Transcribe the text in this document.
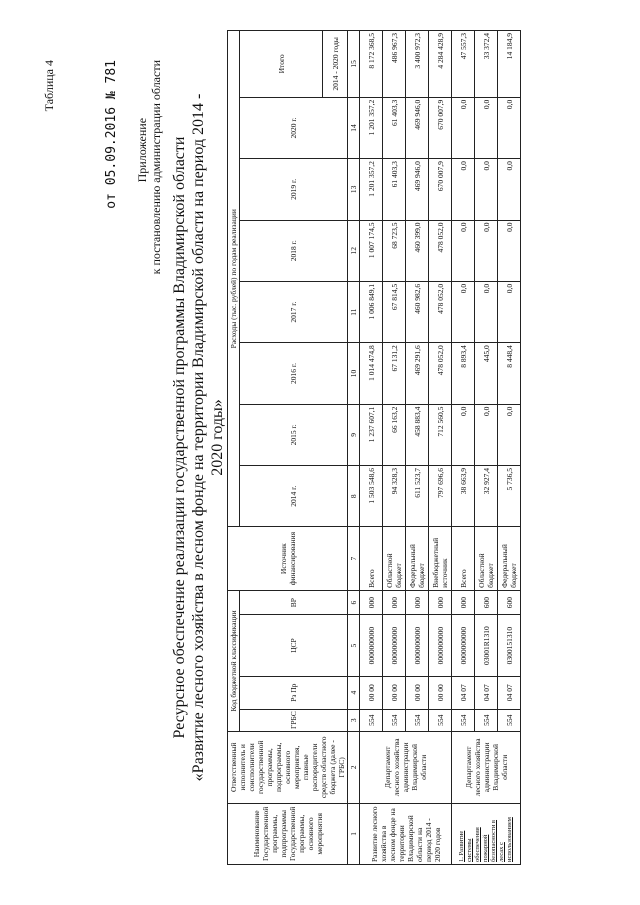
Таблица 4	от 05.09.2016 № 781 Приложение к постановлению администрации области Ресурсное обеспечение реализации государственной программы Владимирской области «Развитие лесного хозяйства в лесном фонде на территории Владимирской области на период 2014 - 2020 годы»
Наименование Государственной программы, подпрограммы Государственной программы, основного мероприятия	Ответственный исполнитель и соисполнители государственной программы, подпрограммы, основного мероприятия, главные распорядители средств областного бюджета (далее - ГРБС)	Код бюджетной классификации				Источник финансирования	Расходы (тыс. рублей) по годам реализации							
		ГРБС	Рз Пр	ЦСР	ВР		2014 г.	2015 г.	2016 г.	2017 г.	2018 г.	2019 г.	2020 г.	Итого
														2014 - 2020 годы
1	2	3	4	5	6	7	8	9	10	11	12	13	14	15
Развитие лесного хозяйства в лесном фонде на территории Владимирской области на период 2014 - 2020 годов	Департамент лесного хозяйства администрации Владимирской области	554	00 00	0000000000	000	Всего	1 503 548,6	1 237 607,1	1 014 474,8	1 006 849,1	1 007 174,5	1 201 357,2	1 201 357,2	8 172 368,5
		554	00 00	0000000000	000	Областной бюджет	94 328,3	66 163,2	67 131,2	67 814,5	68 723,5	61 403,3	61 403,3	486 967,3
		554	00 00	0000000000	000	Федеральный бюджет	611 523,7	458 883,4	469 291,6	460 982,6	460 399,0	469 946,0	469 946,0	3 400 972,3
		554	00 00	0000000000	000	Внебюджетный источник	797 696,6	712 560,5	478 052,0	478 052,0	478 052,0	670 007,9	670 007,9	4 284 428,9
1. Развитие системы обеспечения пожарной безопасности в лесах с использованием	Департамент лесного хозяйства администрации Владимирской области	554	04 07	0000000000	000	Всего	38 663,9	0,0	8 893,4	0,0	0,0	0,0	0,0	47 557,3
		554	04 07	03001R1310	600	Областной бюджет	32 927,4	0,0	445,0	0,0	0,0	0,0	0,0	33 372,4
		554	04 07	0300151310	600	Федеральный бюджет	5 736,5	0,0	8 448,4	0,0	0,0	0,0	0,0	14 184,9
